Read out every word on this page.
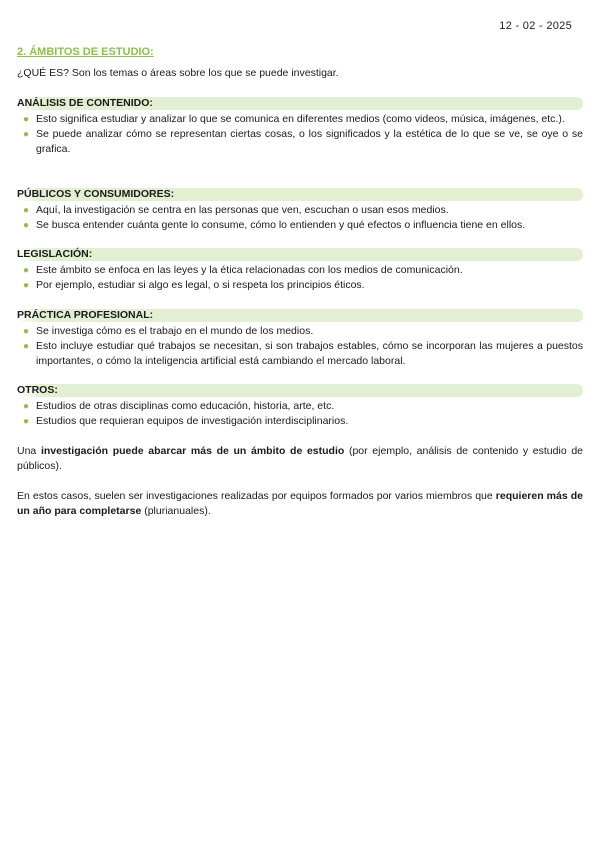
12 - 02 - 2025
2. ÁMBITOS DE ESTUDIO:
¿QUÉ ES? Son los temas o áreas sobre los que se puede investigar.
ANÁLISIS DE CONTENIDO:
● Esto significa estudiar y analizar lo que se comunica en diferentes medios (como videos, música, imágenes, etc.).
● Se puede analizar cómo se representan ciertas cosas, o los significados y la estética de lo que se ve, se oye o se grafica.
PÚBLICOS Y CONSUMIDORES:
● Aquí, la investigación se centra en las personas que ven, escuchan o usan esos medios.
● Se busca entender cuánta gente lo consume, cómo lo entienden y qué efectos o influencia tiene en ellos.
LEGISLACIÓN:
● Este ámbito se enfoca en las leyes y la ética relacionadas con los medios de comunicación.
● Por ejemplo, estudiar si algo es legal, o si respeta los principios éticos.
PRÁCTICA PROFESIONAL:
● Se investiga cómo es el trabajo en el mundo de los medios.
● Esto incluye estudiar qué trabajos se necesitan, si son trabajos estables, cómo se incorporan las mujeres a puestos importantes, o cómo la inteligencia artificial está cambiando el mercado laboral.
OTROS:
● Estudios de otras disciplinas como educación, historia, arte, etc.
● Estudios que requieran equipos de investigación interdisciplinarios.
Una investigación puede abarcar más de un ámbito de estudio (por ejemplo, análisis de contenido y estudio de públicos).
En estos casos, suelen ser investigaciones realizadas por equipos formados por varios miembros que requieren más de un año para completarse (plurianuales).
